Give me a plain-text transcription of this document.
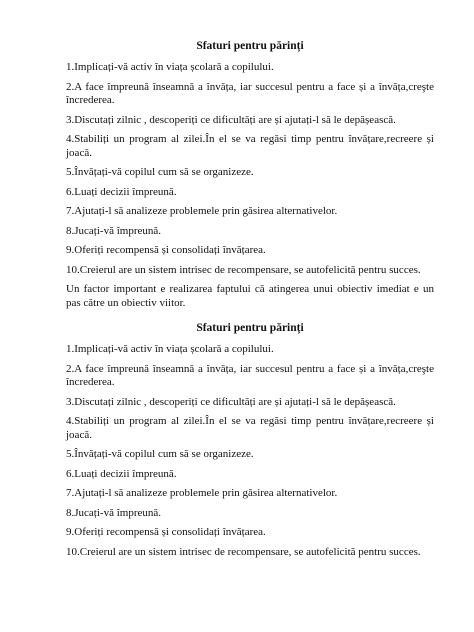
Sfaturi pentru părinți
1.Implicați-vă activ în viața școlară a copilului.
2.A face împreună înseamnă a învăța, iar succesul pentru a face și a învăța,creşte încrederea.
3.Discutați zilnic , descoperiți ce dificultăți are și ajutați-l să le depășească.
4.Stabiliți un program al zilei.În el se va regăsi timp pentru învățare,recreere și joacă.
5.Învățați-vă copilul cum să se organizeze.
6.Luați decizii împreună.
7.Ajutați-l să analizeze problemele prin găsirea alternativelor.
8.Jucați-vă împreună.
9.Oferiți recompensă și consolidați învățarea.
10.Creierul are un sistem intrisec de recompensare, se autofelicită pentru succes.
Un factor important e realizarea faptului că atingerea unui obiectiv imediat e un pas către un obiectiv viitor.
Sfaturi pentru părinți
1.Implicați-vă activ în viața școlară a copilului.
2.A face împreună înseamnă a învăța, iar succesul pentru a face și a învăța,creşte încrederea.
3.Discutați zilnic , descoperiți ce dificultăți are și ajutați-l să le depășească.
4.Stabiliți un program al zilei.În el se va regăsi timp pentru învățare,recreere și joacă.
5.Învățați-vă copilul cum să se organizeze.
6.Luați decizii împreună.
7.Ajutați-l să analizeze problemele prin găsirea alternativelor.
8.Jucați-vă împreună.
9.Oferiți recompensă și consolidați învățarea.
10.Creierul are un sistem intrisec de recompensare, se autofelicită pentru succes.
